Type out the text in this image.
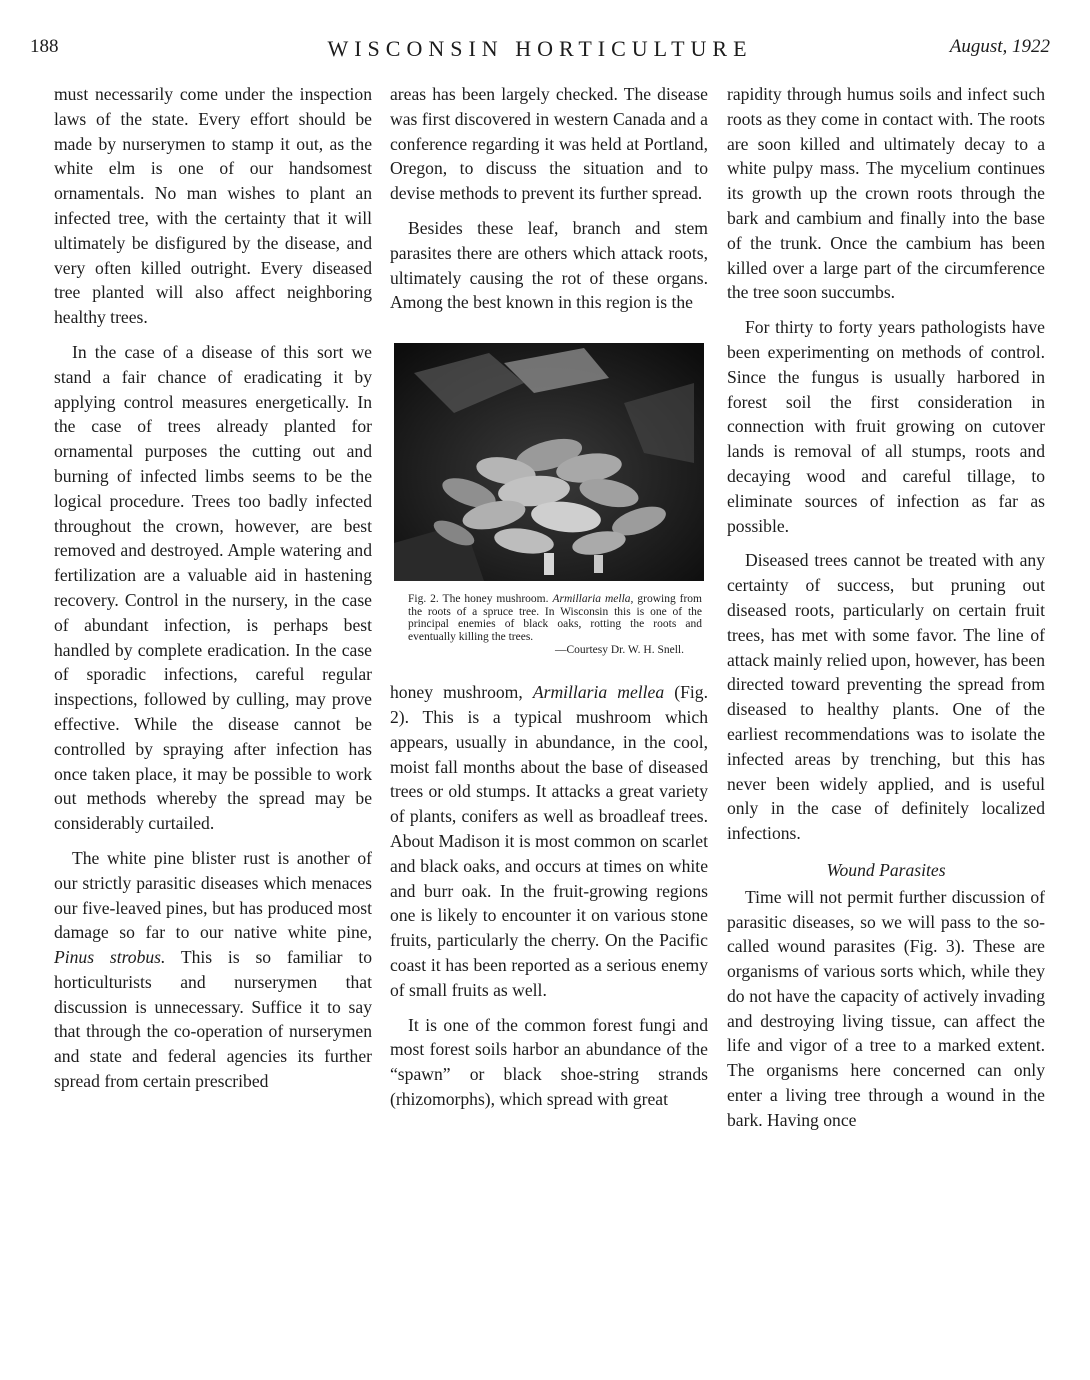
188	WISCONSIN HORTICULTURE	August, 1922

must necessarily come under the inspection laws of the state. Every effort should be made by nurserymen to stamp it out, as the white elm is one of our handsomest ornamentals. No man wishes to plant an infected tree, with the certainty that it will ultimately be disfigured by the disease, and very often killed outright. Every diseased tree planted will also affect neighboring healthy trees.

In the case of a disease of this sort we stand a fair chance of eradicating it by applying control measures energetically. In the case of trees already planted for ornamental purposes the cutting out and burning of infected limbs seems to be the logical procedure. Trees too badly infected throughout the crown, however, are best removed and destroyed. Ample watering and fertilization are a valuable aid in hastening recovery. Control in the nursery, in the case of abundant infection, is perhaps best handled by complete eradication. In the case of sporadic infections, careful regular inspections, followed by culling, may prove effective. While the disease cannot be controlled by spraying after infection has once taken place, it may be possible to work out methods whereby the spread may be considerably curtailed.

The white pine blister rust is another of our strictly parasitic diseases which menaces our five-leaved pines, but has produced most damage so far to our native white pine, Pinus strobus. This is so familiar to horticulturists and nurserymen that discussion is unnecessary. Suffice it to say that through the co-operation of nurserymen and state and federal agencies its further spread from certain prescribed

areas has been largely checked. The disease was first discovered in western Canada and a conference regarding it was held at Portland, Oregon, to discuss the situation and to devise methods to prevent its further spread.

Besides these leaf, branch and stem parasites there are others which attack roots, ultimately causing the rot of these organs. Among the best known in this region is the

Fig. 2. The honey mushroom. Armillaria mella, growing from the roots of a spruce tree. In Wisconsin this is one of the principal enemies of black oaks, rotting the roots and eventually killing the trees.
—Courtesy Dr. W. H. Snell.

honey mushroom, Armillaria mellea (Fig. 2). This is a typical mushroom which appears, usually in abundance, in the cool, moist fall months about the base of diseased trees or old stumps. It attacks a great variety of plants, conifers as well as broadleaf trees. About Madison it is most common on scarlet and black oaks, and occurs at times on white and burr oak. In the fruit-growing regions one is likely to encounter it on various stone fruits, particularly the cherry. On the Pacific coast it has been reported as a serious enemy of small fruits as well.

It is one of the common forest fungi and most forest soils harbor an abundance of the “spawn” or black shoe-string strands (rhizomorphs), which spread with great

rapidity through humus soils and infect such roots as they come in contact with. The roots are soon killed and ultimately decay to a white pulpy mass. The mycelium continues its growth up the crown roots through the bark and cambium and finally into the base of the trunk. Once the cambium has been killed over a large part of the circumference the tree soon succumbs.

For thirty to forty years pathologists have been experimenting on methods of control. Since the fungus is usually harbored in forest soil the first consideration in connection with fruit growing on cutover lands is removal of all stumps, roots and decaying wood and careful tillage, to eliminate sources of infection as far as possible.

Diseased trees cannot be treated with any certainty of success, but pruning out diseased roots, particularly on certain fruit trees, has met with some favor. The line of attack mainly relied upon, however, has been directed toward preventing the spread from diseased to healthy plants. One of the earliest recommendations was to isolate the infected areas by trenching, but this has never been widely applied, and is useful only in the case of definitely localized infections.

Wound Parasites

Time will not permit further discussion of parasitic diseases, so we will pass to the so-called wound parasites (Fig. 3). These are organisms of various sorts which, while they do not have the capacity of actively invading and destroying living tissue, can affect the life and vigor of a tree to a marked extent. The organisms here concerned can only enter a living tree through a wound in the bark. Having once
